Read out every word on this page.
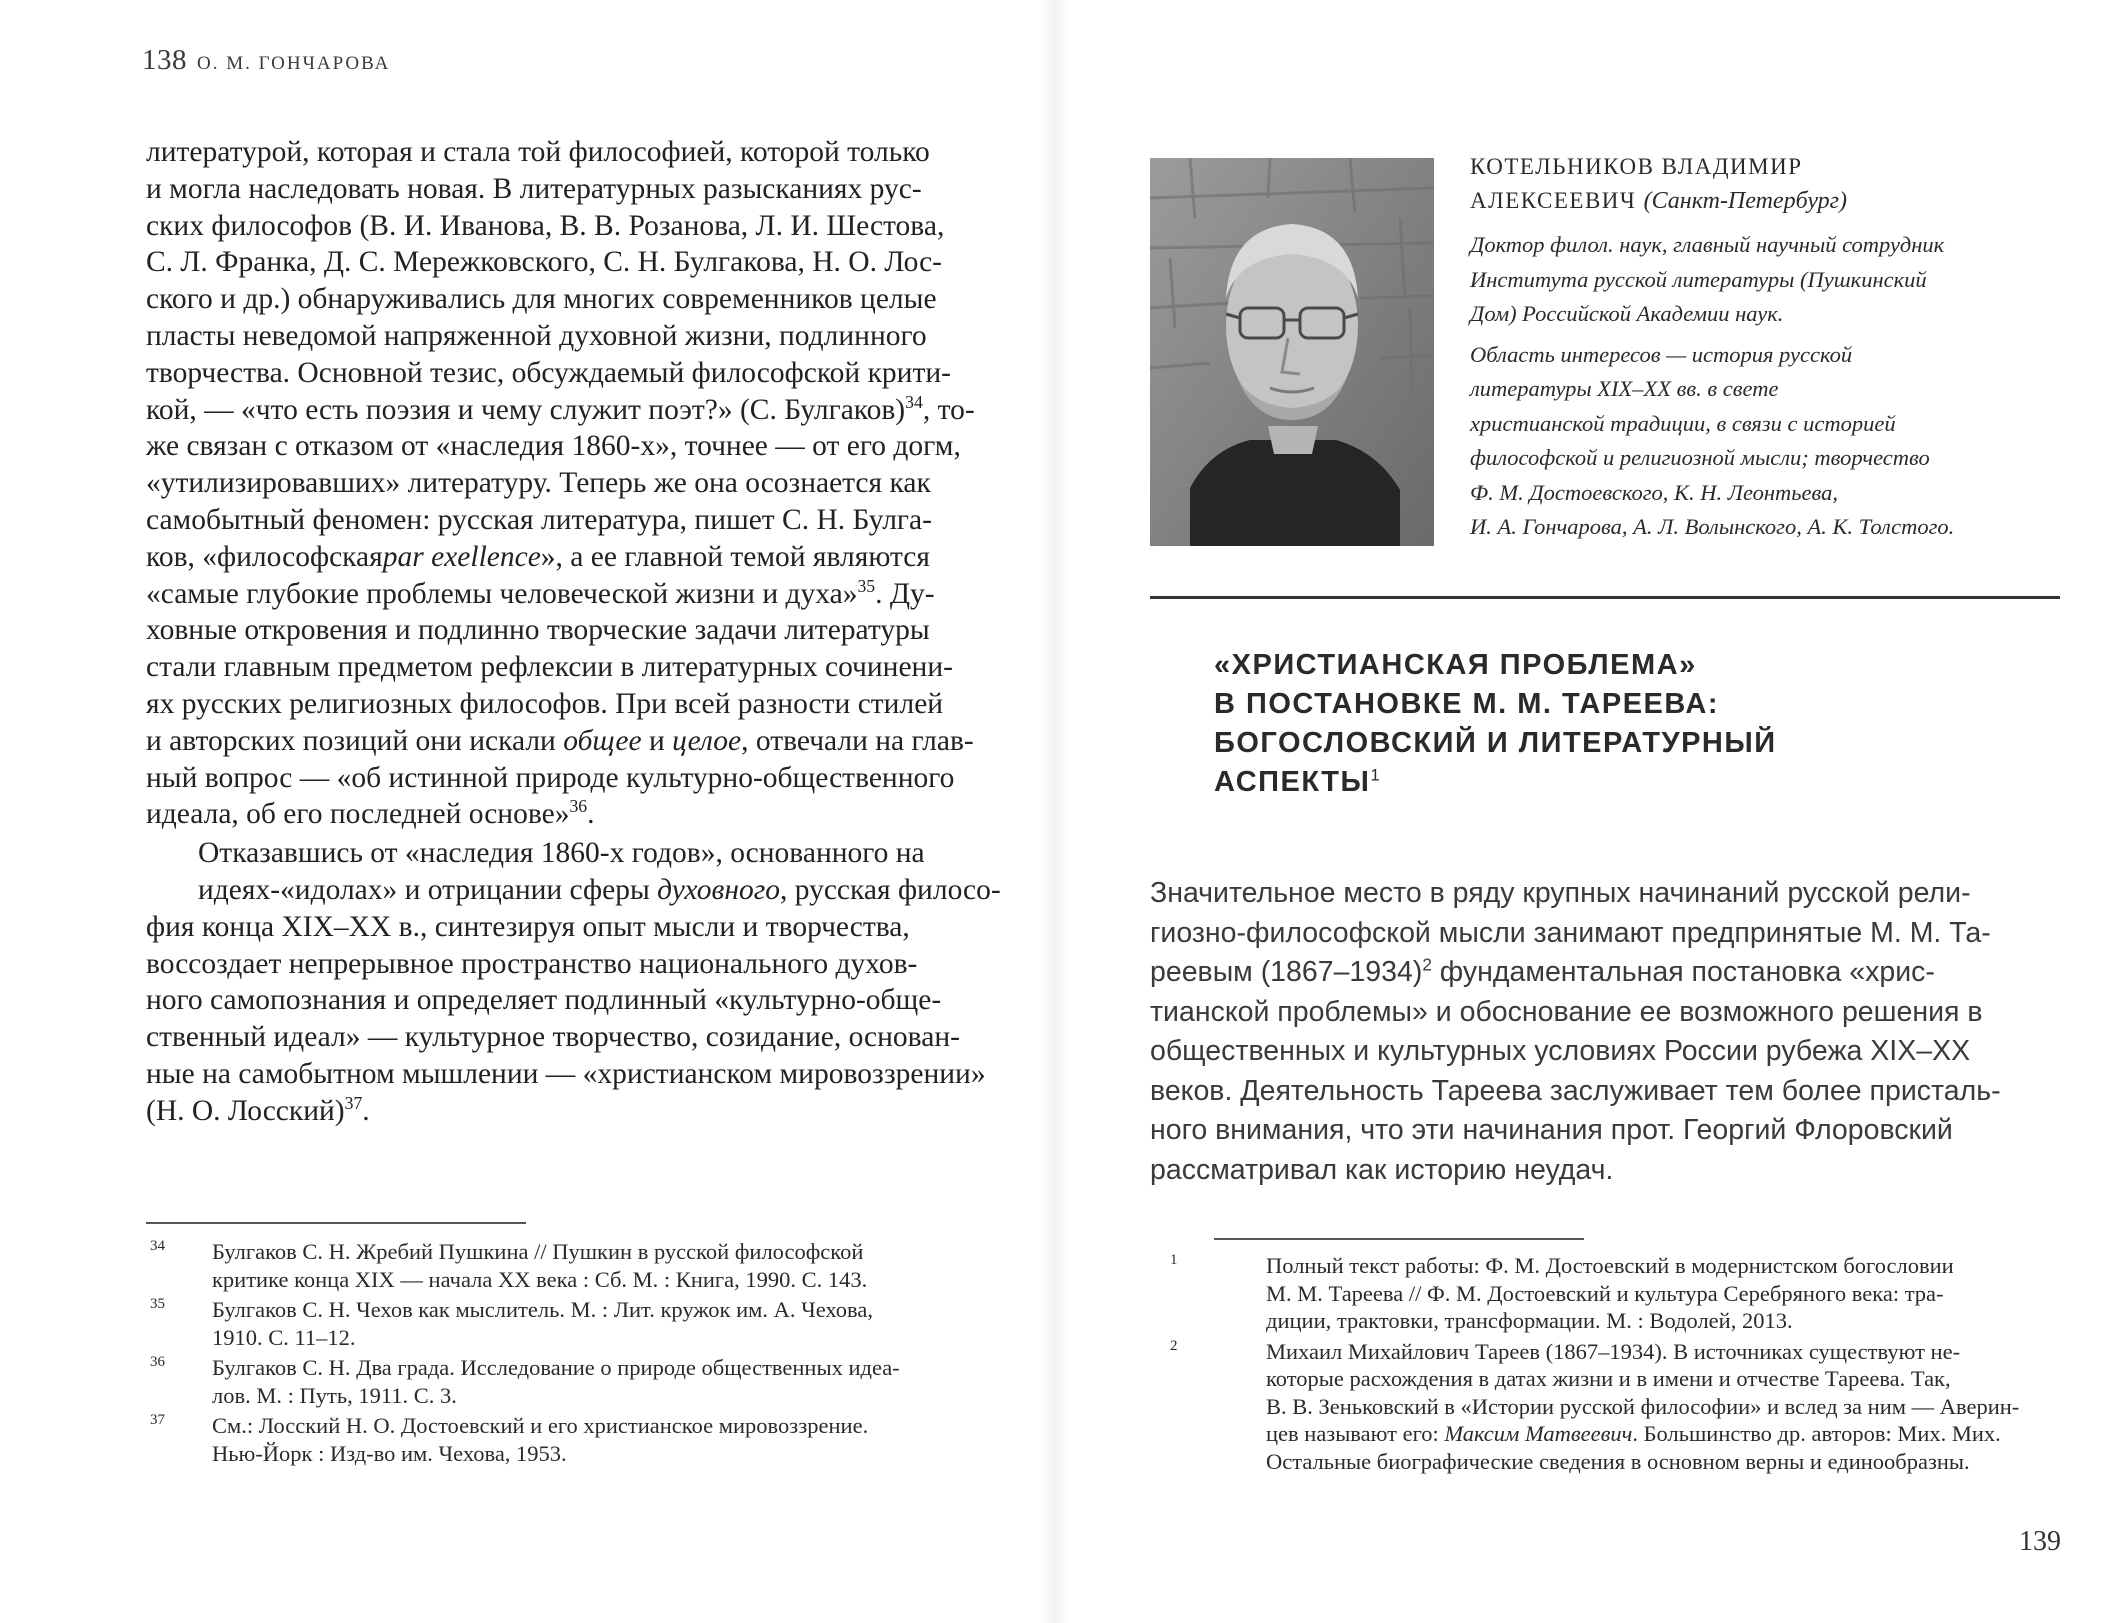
138 О. М. ГОНЧАРОВА

литературой, которая и стала той философией, которой только
и могла наследовать новая. В литературных разысканиях рус-
ских философов (В. И. Иванова, В. В. Розанова, Л. И. Шестова,
С. Л. Франка, Д. С. Мережковского, С. Н. Булгакова, Н. О. Лос-
ского и др.) обнаруживались для многих современников целые
пласты неведомой напряженной духовной жизни, подлинного
творчества. Основной тезис, обсуждаемый философской крити-
кой, — «что есть поэзия и чему служит поэт?» (С. Булгаков)$^{34}$, то-
же связан с отказом от «наследия 1860-х», точнее — от его догм,
«утилизировавших» литературу. Теперь же она осознается как
самобытный феномен: русская литература, пишет С. Н. Булга-
ков, «философскаяpar exellence», а ее главной темой являются
«самые глубокие проблемы человеческой жизни и духа»$^{35}$. Ду-
ховные откровения и подлинно творческие задачи литературы
стали главным предметом рефлексии в литературных сочинени-
ях русских религиозных философов. При всей разности стилей
и авторских позиций они искали общее и целое, отвечали на глав-
ный вопрос — «об истинной природе культурно-общественного
идеала, об его последней основе»$^{36}$.

Отказавшись от «наследия 1860-х годов», основанного на
идеях-«идолах» и отрицании сферы духовного, русская филосо-
фия конца XIX–XX в., синтезируя опыт мысли и творчества,
воссоздает непрерывное пространство национального духов-
ного самопознания и определяет подлинный «культурно-обще-
ственный идеал» — культурное творчество, созидание, основан-
ные на самобытном мышлении — «христианском мировоззрении»
(Н. О. Лосский)$^{37}$.

34 Булгаков С. Н. Жребий Пушкина // Пушкин в русской философской
критике конца XIX — начала XX века : Сб. М. : Книга, 1990. С. 143.
35 Булгаков С. Н. Чехов как мыслитель. М. : Лит. кружок им. А. Чехова,
1910. С. 11–12.
36 Булгаков С. Н. Два града. Исследование о природе общественных идеа-
лов. М. : Путь, 1911. С. 3.
37 См.: Лосский Н. О. Достоевский и его христианское мировоззрение.
Нью-Йорк : Изд-во им. Чехова, 1953.
КОТЕЛЬНИКОВ ВЛАДИМИР
АЛЕКСЕЕВИЧ (Санкт-Петербург)
Доктор филол. наук, главный научный сотрудник
Института русской литературы (Пушкинский
Дом) Российской Академии наук.
Область интересов — история русской
литературы XIX–XX вв. в свете
христианской традиции, в связи с историей
философской и религиозной мысли; творчество
Ф. М. Достоевского, К. Н. Леонтьева,
И. А. Гончарова, А. Л. Волынского, А. К. Толстого.
«ХРИСТИАНСКАЯ ПРОБЛЕМА»
В ПОСТАНОВКЕ М. М. ТАРЕЕВА:
БОГОСЛОВСКИЙ И ЛИТЕРАТУРНЫЙ
АСПЕКТЫ$^1$
Значительное место в ряду крупных начинаний русской рели-
гиозно-философской мысли занимают предпринятые М. М. Та-
реевым (1867–1934)$^2$ фундаментальная постановка «хрис-
тианской проблемы» и обоснование ее возможного решения в
общественных и культурных условиях России рубежа XIX–XX
веков. Деятельность Тареева заслуживает тем более присталь-
ного внимания, что эти начинания прот. Георгий Флоровский
рассматривал как историю неудач.
1	Полный текст работы: Ф. М. Достоевский в модернистском богословии
М. М. Тареева // Ф. М. Достоевский и культура Серебряного века: тра-
диции, трактовки, трансформации. М. : Водолей, 2013.
2	Михаил Михайлович Тареев (1867–1934). В источниках существуют не-
которые расхождения в датах жизни и в имени и отчестве Тареева. Так,
В. В. Зеньковский в «Истории русской философии» и вслед за ним — Аверин-
цев называют его: Максим Матвеевич. Большинство др. авторов: Мих. Мих.
Остальные биографические сведения в основном верны и единообразны.
139
